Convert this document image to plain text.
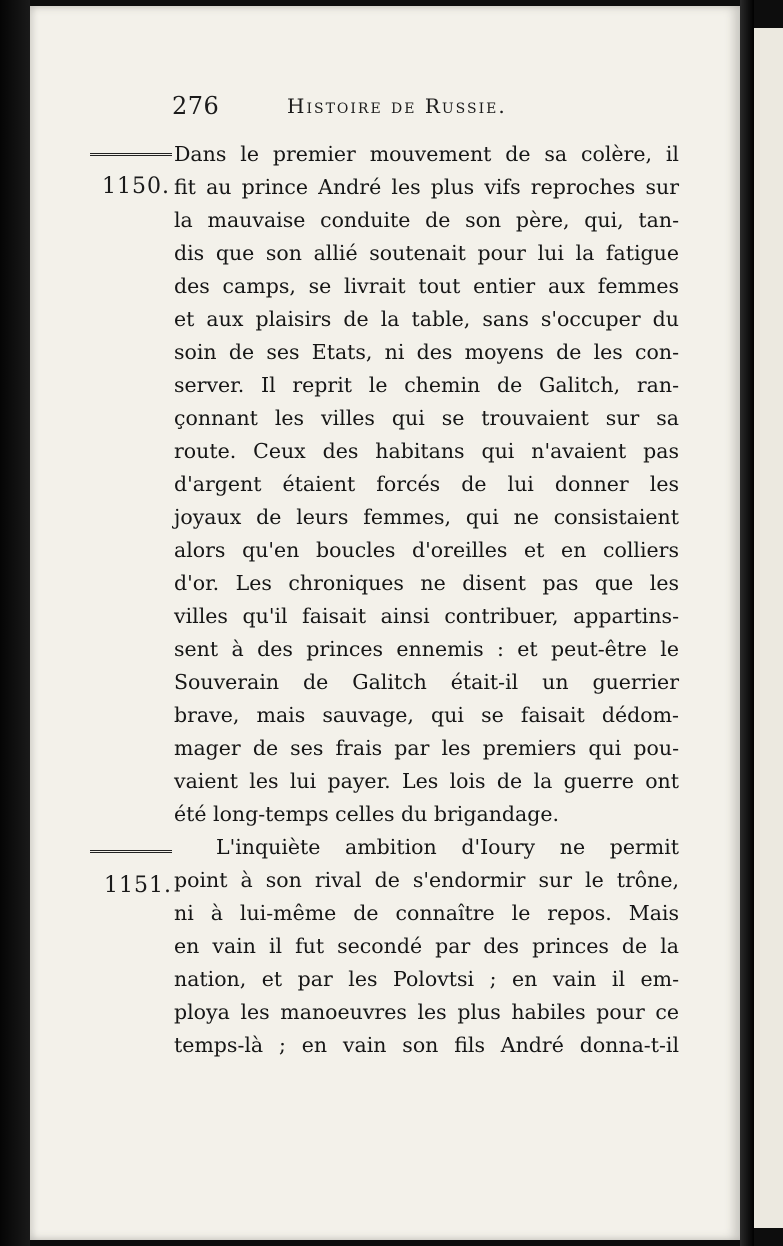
276	Histoire de Russie.
1150.
1151.
Dans le premier mouvement de sa colère, il
fit au prince André les plus vifs reproches sur
la mauvaise conduite de son père, qui, tan-
dis que son allié soutenait pour lui la fatigue
des camps, se livrait tout entier aux femmes
et aux plaisirs de la table, sans s'occuper du
soin de ses Etats, ni des moyens de les con-
server. Il reprit le chemin de Galitch, ran-
çonnant les villes qui se trouvaient sur sa
route. Ceux des habitans qui n'avaient pas
d'argent étaient forcés de lui donner les
joyaux de leurs femmes, qui ne consistaient
alors qu'en boucles d'oreilles et en colliers
d'or. Les chroniques ne disent pas que les
villes qu'il faisait ainsi contribuer, appartins-
sent à des princes ennemis : et peut-être le
Souverain de Galitch était-il un guerrier
brave, mais sauvage, qui se faisait dédom-
mager de ses frais par les premiers qui pou-
vaient les lui payer. Les lois de la guerre ont
été long-temps celles du brigandage.
L'inquiète ambition d'Ioury ne permit
point à son rival de s'endormir sur le trône,
ni à lui-même de connaître le repos. Mais
en vain il fut secondé par des princes de la
nation, et par les Polovtsi ; en vain il em-
ploya les manoeuvres les plus habiles pour ce
temps-là ; en vain son fils André donna-t-il
